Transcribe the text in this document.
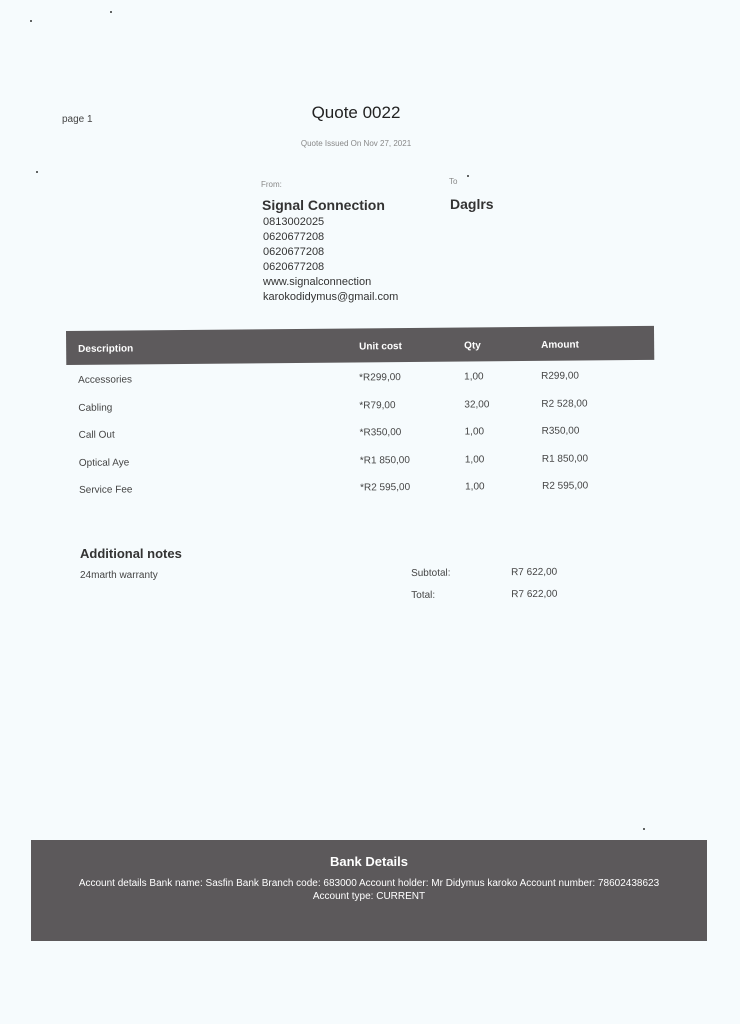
page 1	Quote 0022
Quote Issued On Nov 27, 2021
From:	To
Signal Connection	Daglrs
0813002025
0620677208
0620677208
0620677208
www.signalconnection
karokodidymus@gmail.com
Description	Unit cost	Qty	Amount
Accessories	*R299,00	1,00	R299,00
Cabling	*R79,00	32,00	R2 528,00
Call Out	*R350,00	1,00	R350,00
Optical Aye	*R1 850,00	1,00	R1 850,00
Service Fee	*R2 595,00	1,00	R2 595,00
Additional notes
24marth warranty	Subtotal:	R7 622,00
Total:	R7 622,00
Bank Details
Account details Bank name: Sasfin Bank Branch code: 683000 Account holder: Mr Didymus karoko Account number: 78602438623
Account type: CURRENT
